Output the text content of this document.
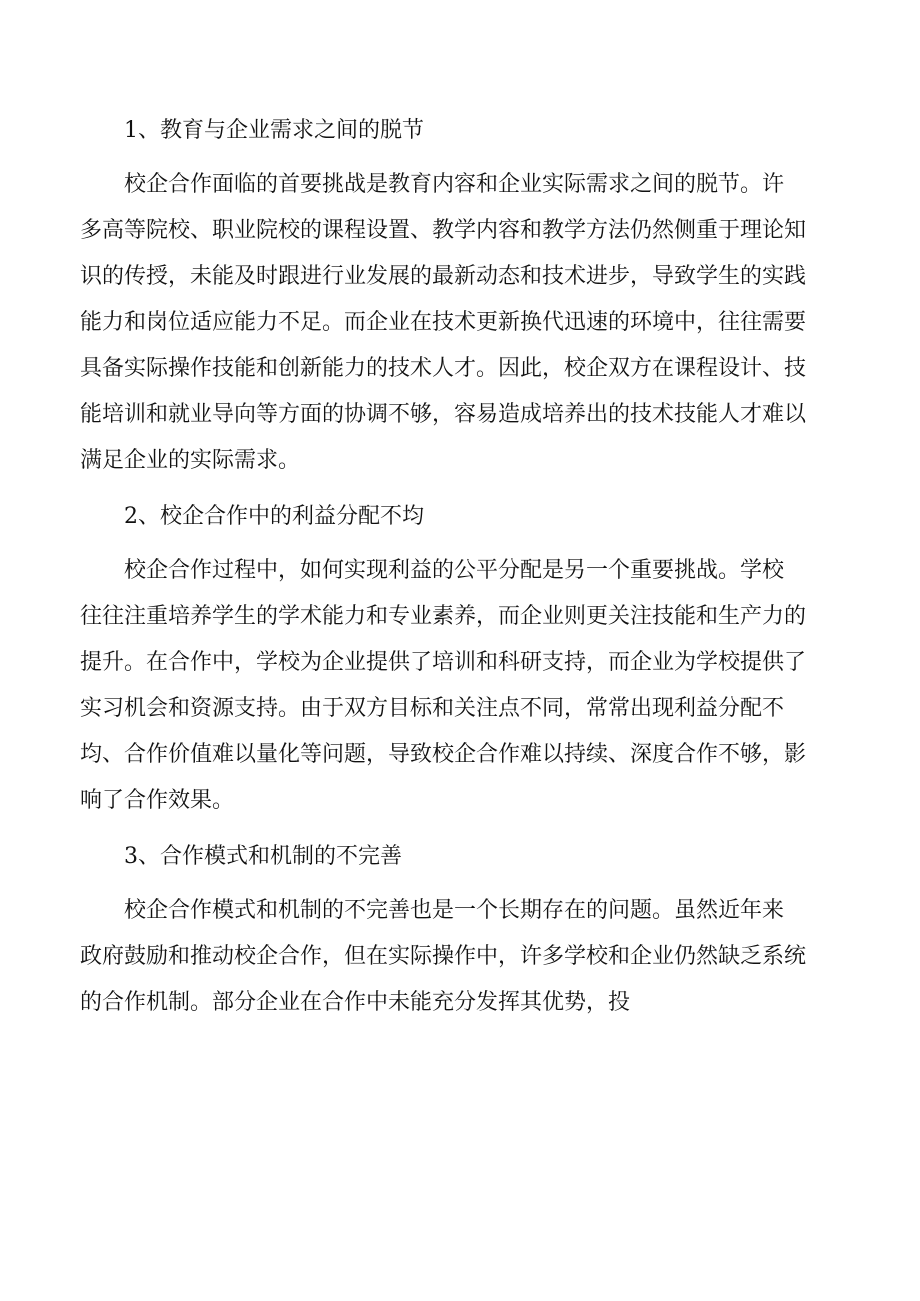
1、教育与企业需求之间的脱节

校企合作面临的首要挑战是教育内容和企业实际需求之间的脱节。许

多高等院校、职业院校的课程设置、教学内容和教学方法仍然侧重于理论知

识的传授，未能及时跟进行业发展的最新动态和技术进步，导致学生的实践

能力和岗位适应能力不足。而企业在技术更新换代迅速的环境中，往往需要

具备实际操作技能和创新能力的技术人才。因此，校企双方在课程设计、技

能培训和就业导向等方面的协调不够，容易造成培养出的技术技能人才难以

满足企业的实际需求。

2、校企合作中的利益分配不均

校企合作过程中，如何实现利益的公平分配是另一个重要挑战。学校

往往注重培养学生的学术能力和专业素养，而企业则更关注技能和生产力的

提升。在合作中，学校为企业提供了培训和科研支持，而企业为学校提供了

实习机会和资源支持。由于双方目标和关注点不同，常常出现利益分配不

均、合作价值难以量化等问题，导致校企合作难以持续、深度合作不够，影

响了合作效果。

3、合作模式和机制的不完善

校企合作模式和机制的不完善也是一个长期存在的问题。虽然近年来

政府鼓励和推动校企合作，但在实际操作中，许多学校和企业仍然缺乏系统

的合作机制。部分企业在合作中未能充分发挥其优势，投
